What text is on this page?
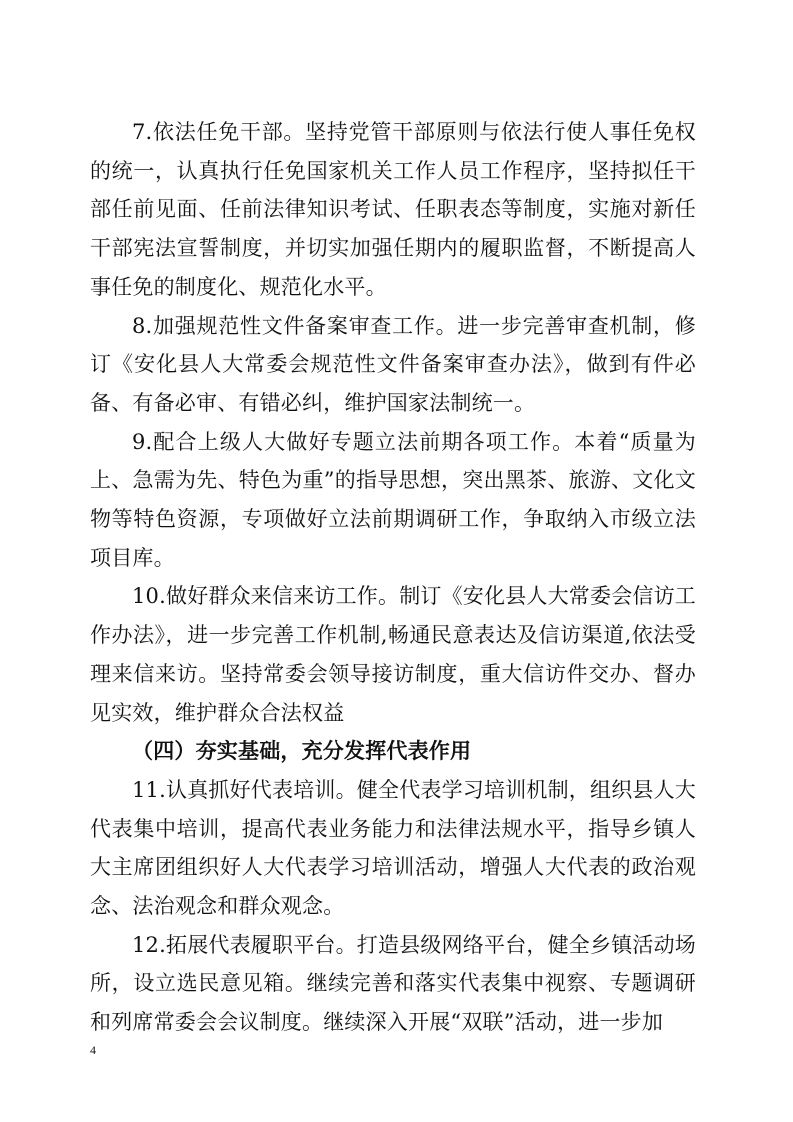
7.依法任免干部。坚持党管干部原则与依法行使人事任免权的统一，认真执行任免国家机关工作人员工作程序，坚持拟任干部任前见面、任前法律知识考试、任职表态等制度，实施对新任干部宪法宣誓制度，并切实加强任期内的履职监督，不断提高人事任免的制度化、规范化水平。

8.加强规范性文件备案审查工作。进一步完善审查机制，修订《安化县人大常委会规范性文件备案审查办法》，做到有件必备、有备必审、有错必纠，维护国家法制统一。

9.配合上级人大做好专题立法前期各项工作。本着“质量为上、急需为先、特色为重”的指导思想，突出黑茶、旅游、文化文物等特色资源，专项做好立法前期调研工作，争取纳入市级立法项目库。

10.做好群众来信来访工作。制订《安化县人大常委会信访工作办法》，进一步完善工作机制,畅通民意表达及信访渠道,依法受理来信来访。坚持常委会领导接访制度，重大信访件交办、督办见实效，维护群众合法权益

（四）夯实基础，充分发挥代表作用

11.认真抓好代表培训。健全代表学习培训机制，组织县人大代表集中培训，提高代表业务能力和法律法规水平，指导乡镇人大主席团组织好人大代表学习培训活动，增强人大代表的政治观念、法治观念和群众观念。

12.拓展代表履职平台。打造县级网络平台，健全乡镇活动场所，设立选民意见箱。继续完善和落实代表集中视察、专题调研和列席常委会会议制度。继续深入开展“双联”活动，进一步加

4
